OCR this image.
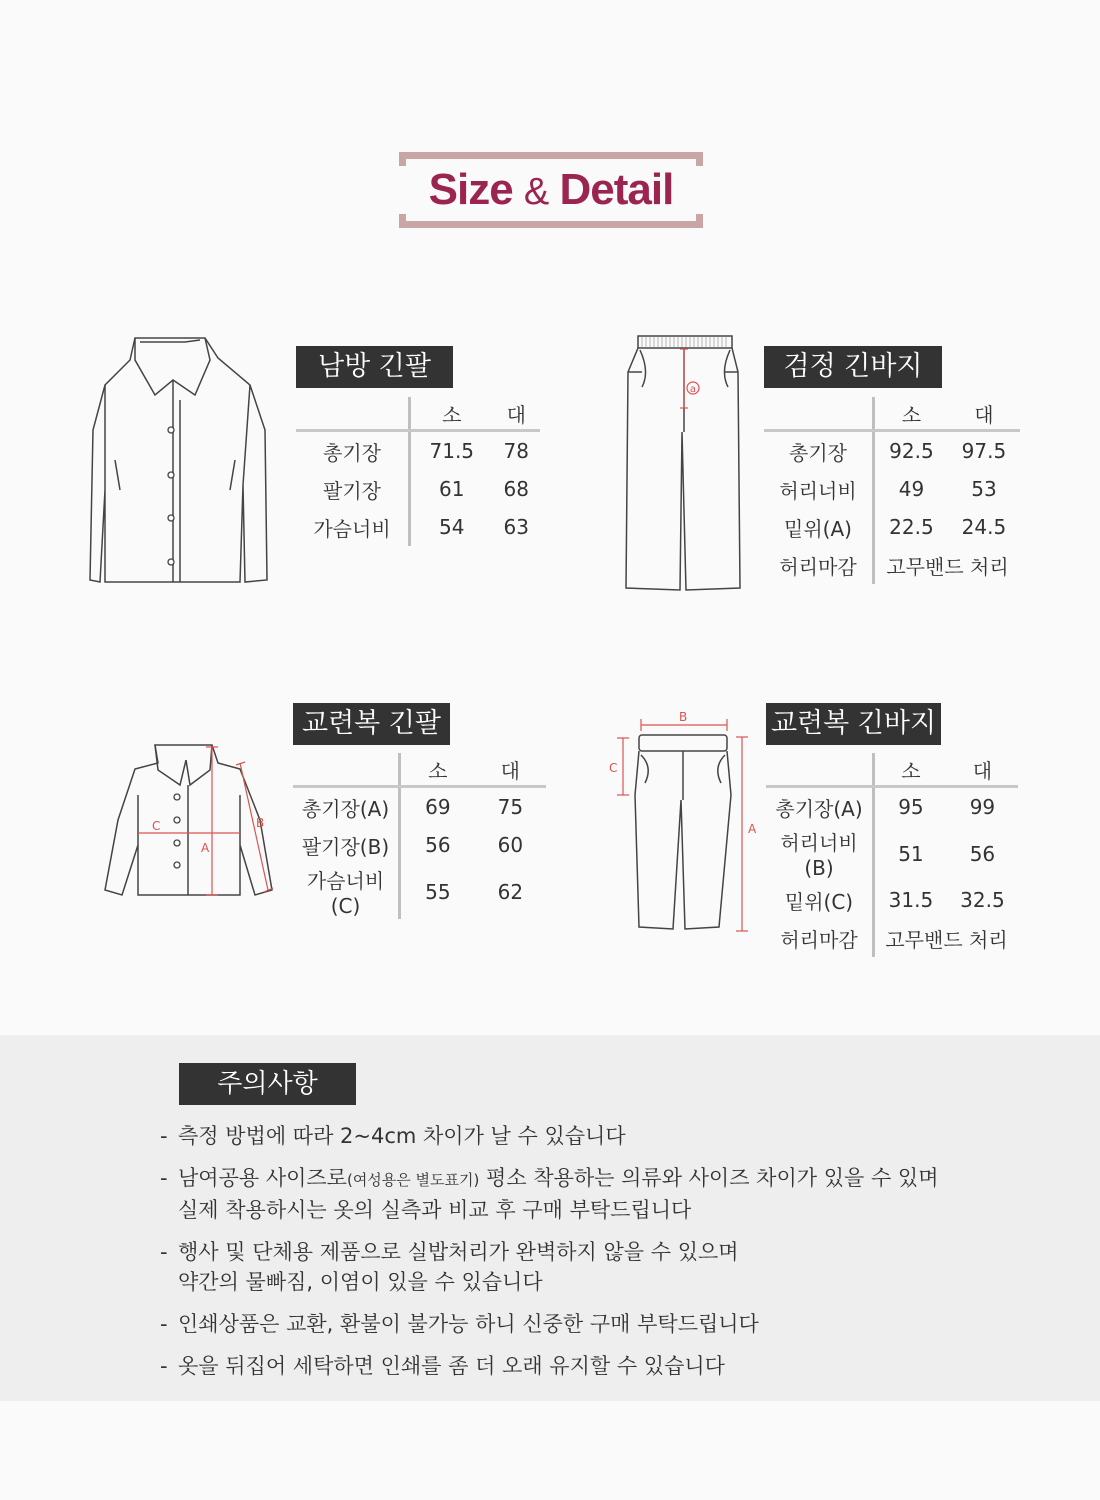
Size & Detail
남방 긴팔
	소	대
총기장	71.5	78
팔기장	61	68
가슴너비	54	63
a
검정 긴바지
	소	대
총기장	92.5	97.5
허리너비	49	53
밑위(A)	22.5	24.5
허리마감	고무밴드 처리	
C
A
B
교련복 긴팔
	소	대
총기장(A)	69	75
팔기장(B)	56	60
가슴너비(C)	55	62
B
C
A
교련복 긴바지
	소	대
총기장(A)	95	99
허리너비(B)	51	56
밑위(C)	31.5	32.5
허리마감	고무밴드 처리	
주의사항
- 측정 방법에 따라 2~4cm 차이가 날 수 있습니다
- 남여공용 사이즈로(여성용은 별도표기) 평소 착용하는 의류와 사이즈 차이가 있을 수 있며
실제 착용하시는 옷의 실측과 비교 후 구매 부탁드립니다
- 행사 및 단체용 제품으로 실밥처리가 완벽하지 않을 수 있으며
약간의 물빠짐, 이염이 있을 수 있습니다
- 인쇄상품은 교환, 환불이 불가능 하니 신중한 구매 부탁드립니다
- 옷을 뒤집어 세탁하면 인쇄를 좀 더 오래 유지할 수 있습니다
